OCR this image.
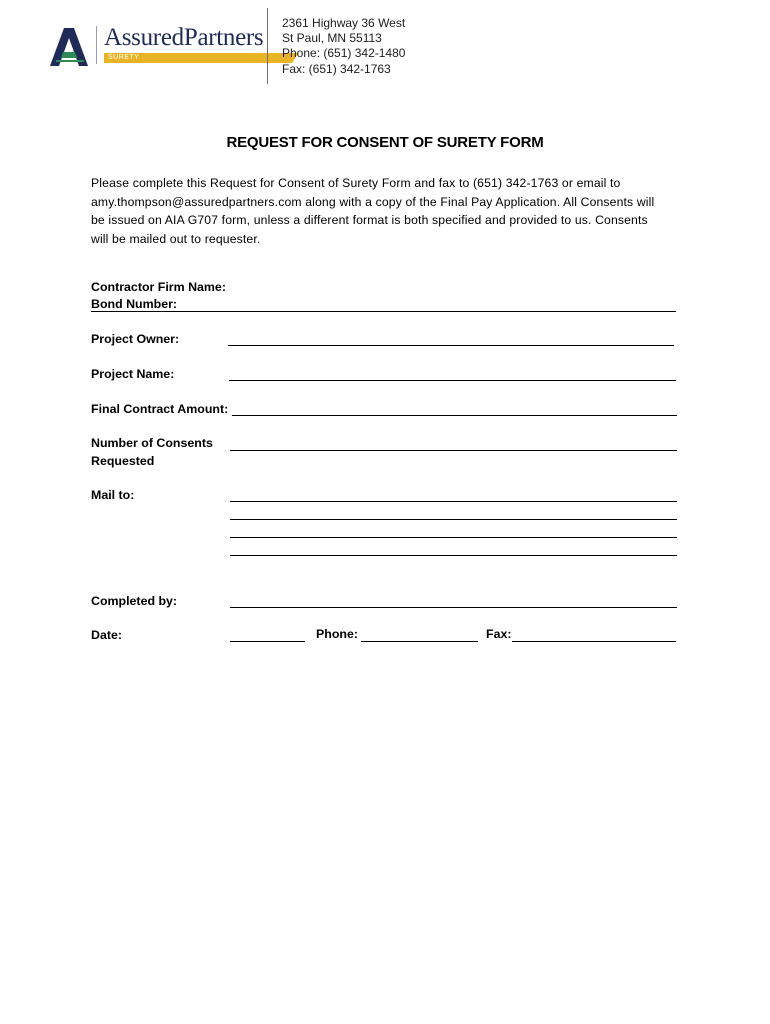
AssuredPartners
SURETY
2361 Highway 36 West
St Paul, MN 55113
Phone: (651) 342-1480
Fax: (651) 342-1763
REQUEST FOR CONSENT OF SURETY FORM
Please complete this Request for Consent of Surety Form and fax to (651) 342-1763 or email to
amy.thompson@assuredpartners.com along with a copy of the Final Pay Application. All Consents will
be issued on AIA G707 form, unless a different format is both specified and provided to us. Consents
will be mailed out to requester.
Contractor Firm Name:
Bond Number:
Project Owner:
Project Name:
Final Contract Amount:
Number of Consents
Requested
Mail to:
Completed by:
Date:	Phone:	Fax:
